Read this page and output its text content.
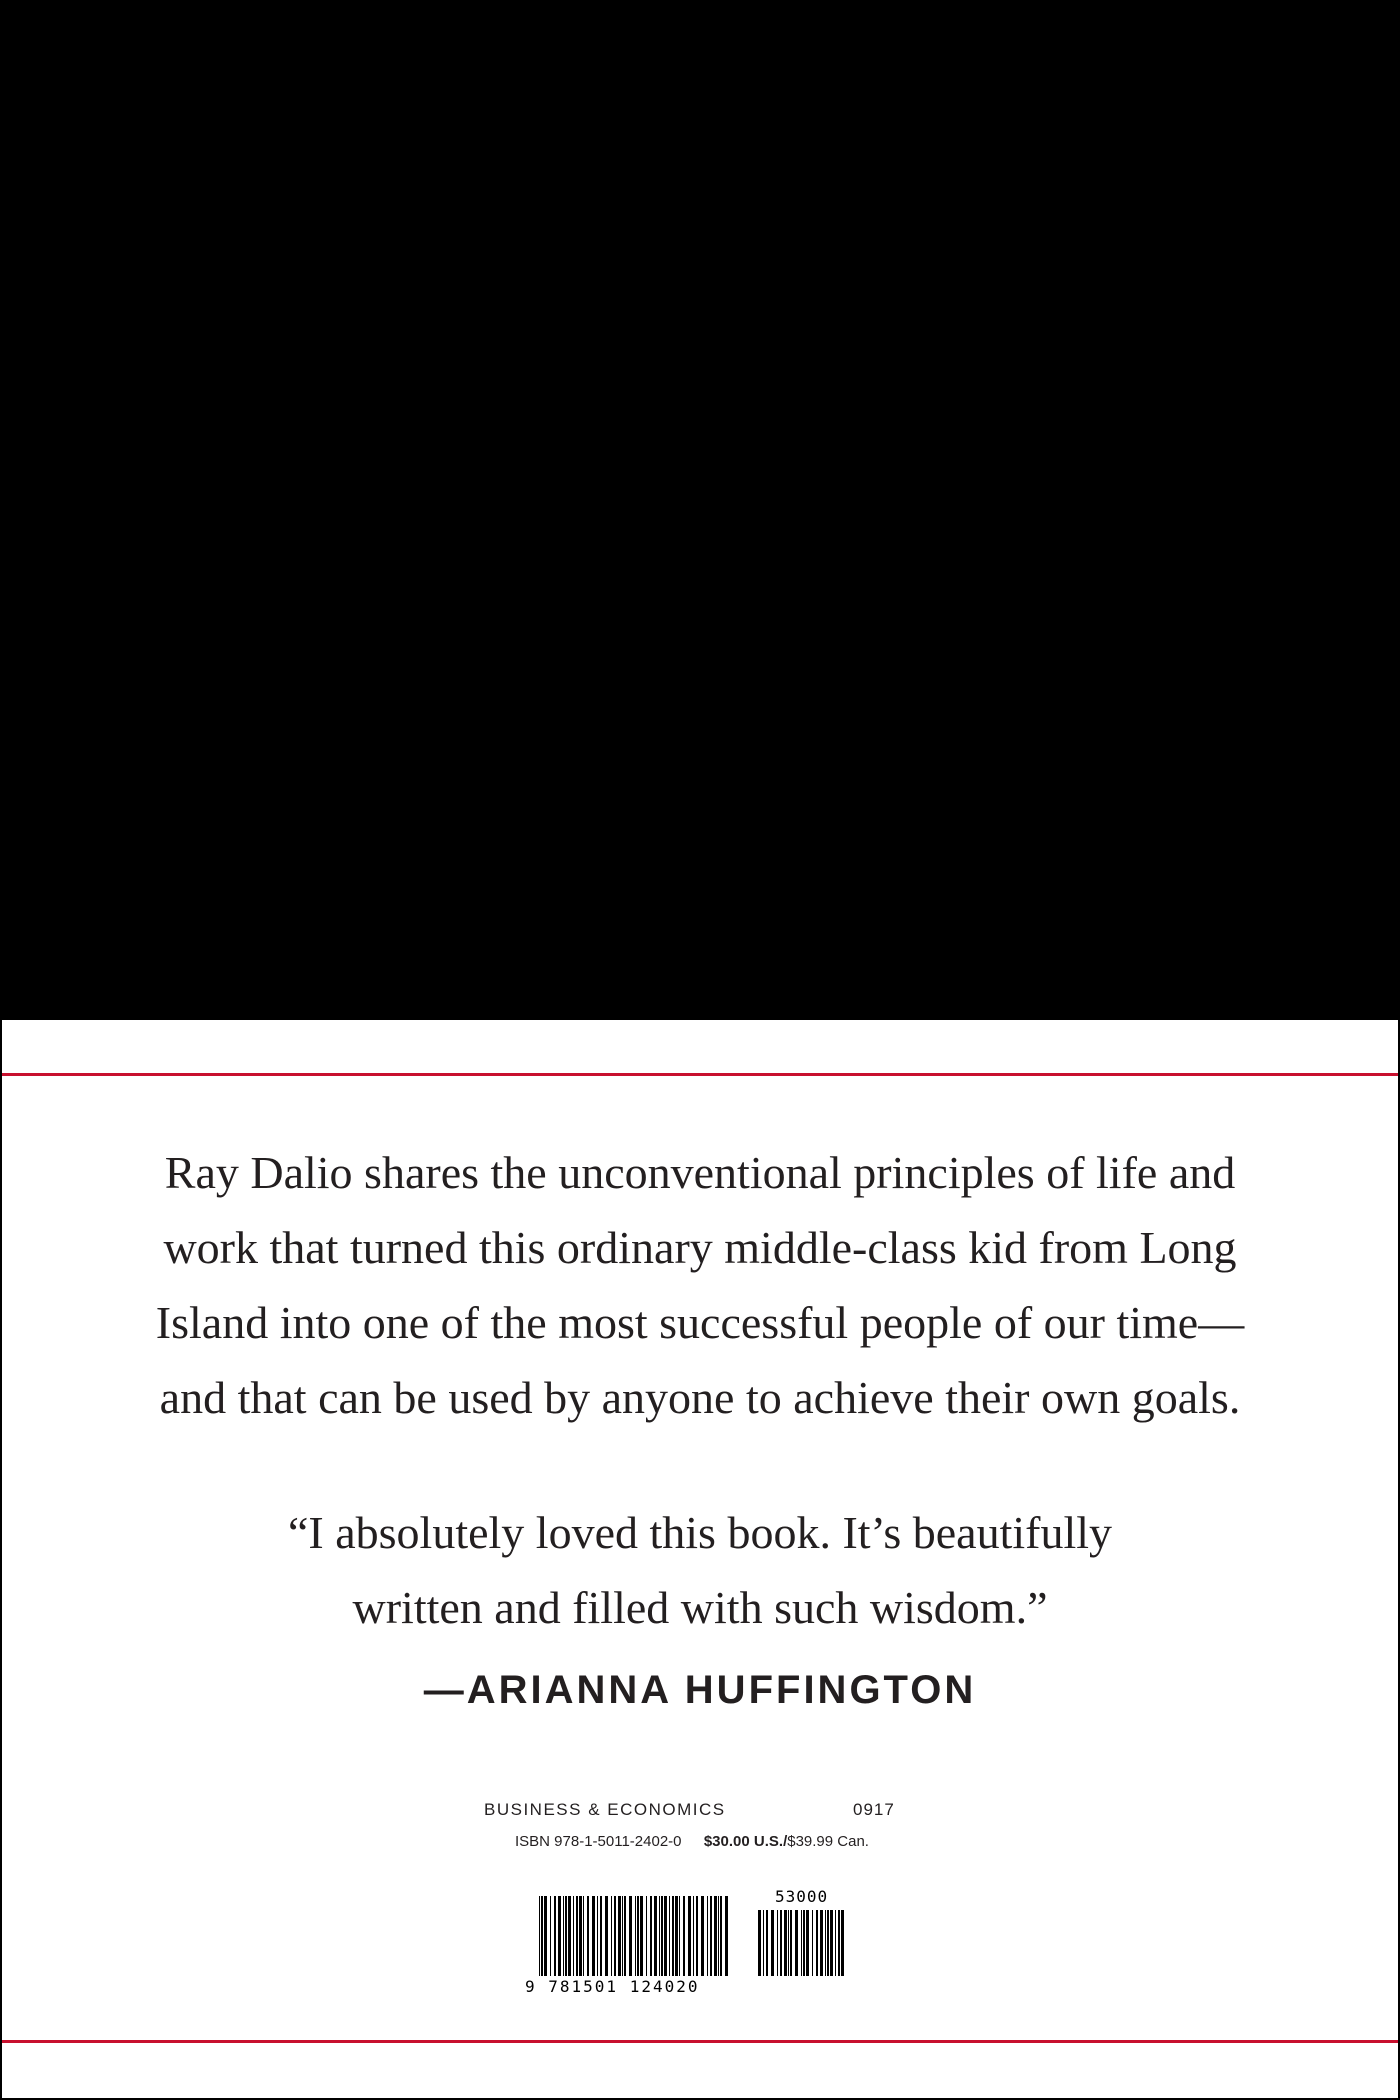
Ray Dalio shares the unconventional principles of life and
work that turned this ordinary middle-class kid from Long
Island into one of the most successful people of our time—
and that can be used by anyone to achieve their own goals.
“I absolutely loved this book. It’s beautifully
written and filled with such wisdom.”
—ARIANNA HUFFINGTON
BUSINESS & ECONOMICS	0917
ISBN 978-1-5011-2402-0 $30.00 U.S./$39.99 Can.
9 781501 124020
53000
